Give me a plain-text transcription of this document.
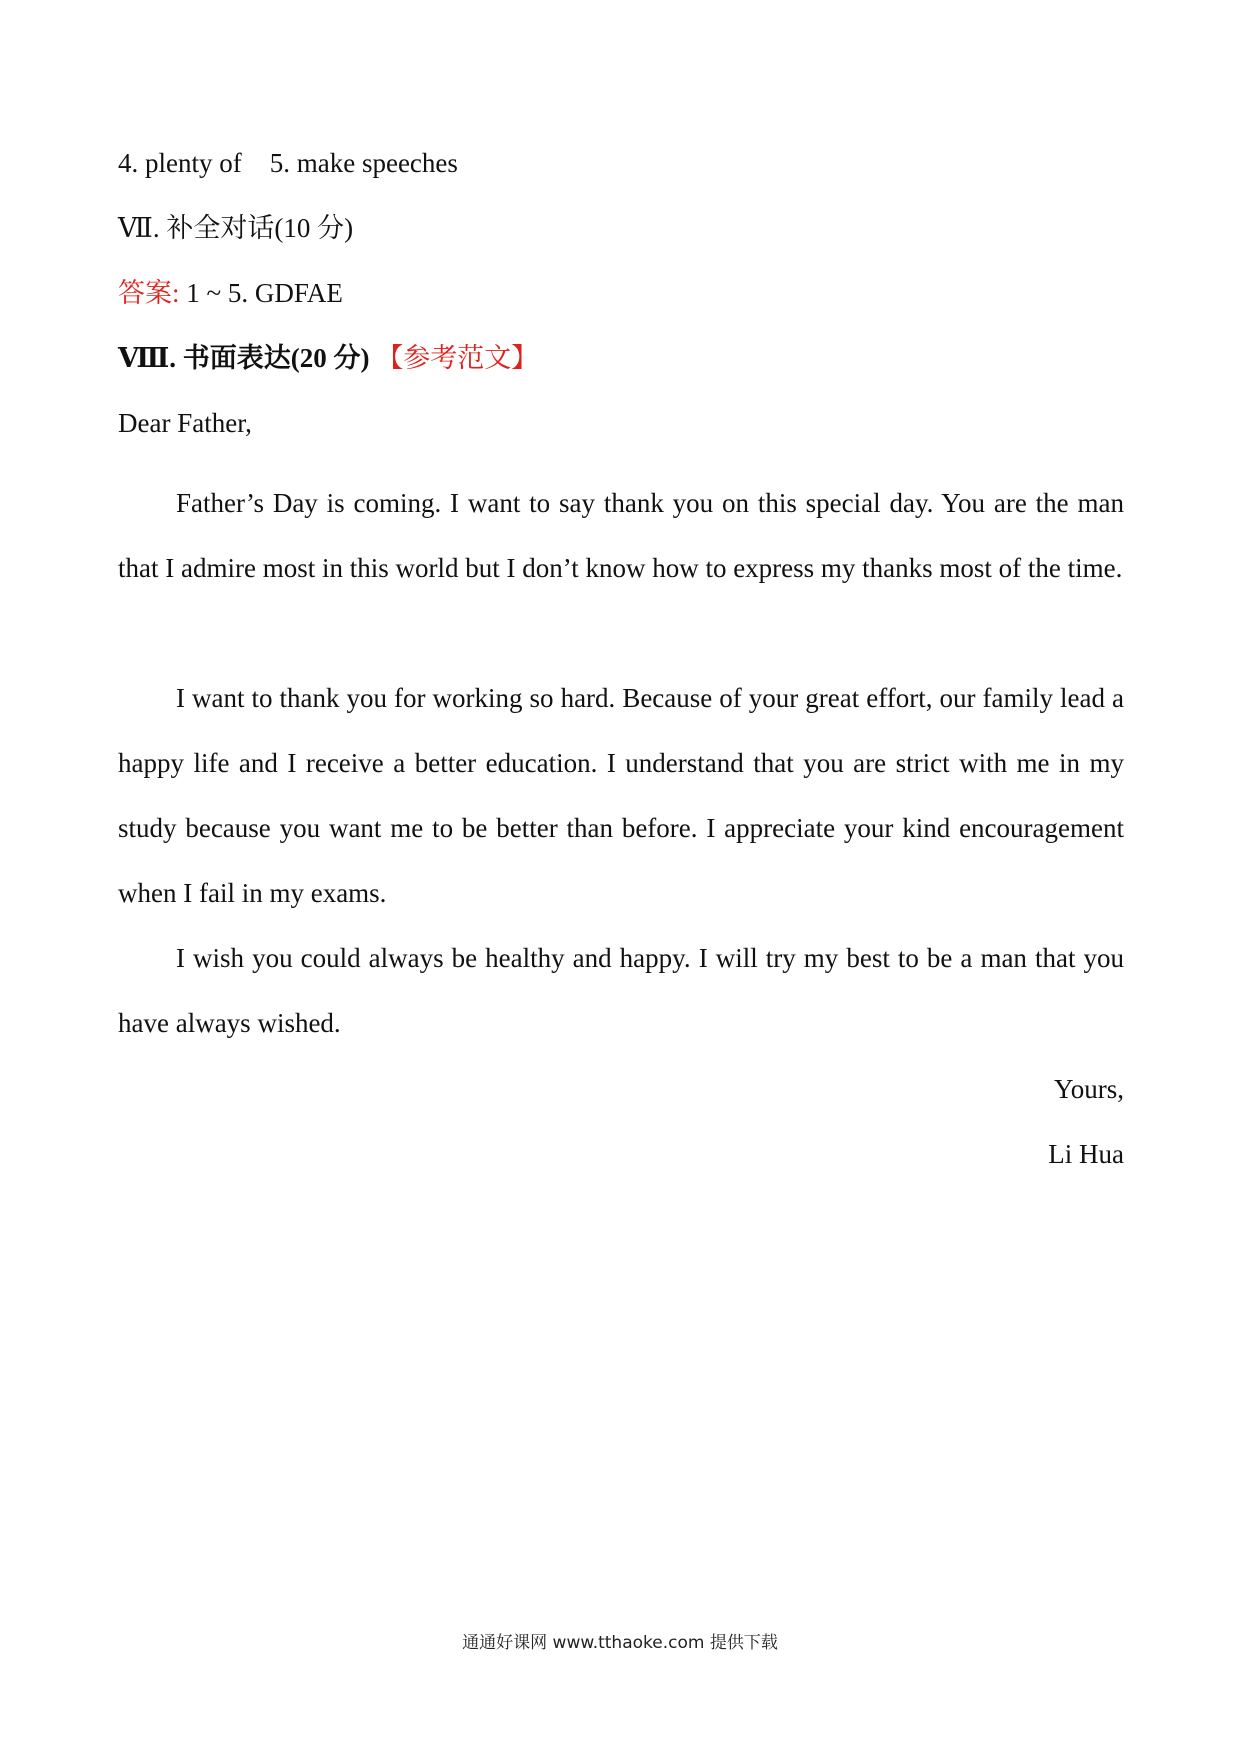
4. plenty of 5. make speeches
Ⅶ. 补全对话(10 分)
答案: 1 ~ 5. GDFAE
Ⅷ. 书面表达(20 分) 【参考范文】
Dear Father,
Father’s Day is coming. I want to say thank you on this special day. You are the man that I admire most in this world but I don’t know how to express my thanks most of the time.
I want to thank you for working so hard. Because of your great effort, our family lead a happy life and I receive a better education. I understand that you are strict with me in my study because you want me to be better than before. I appreciate your kind encouragement when I fail in my exams.
I wish you could always be healthy and happy. I will try my best to be a man that you have always wished.
Yours,
Li Hua
通通好课网 www.tthaoke.com 提供下载
